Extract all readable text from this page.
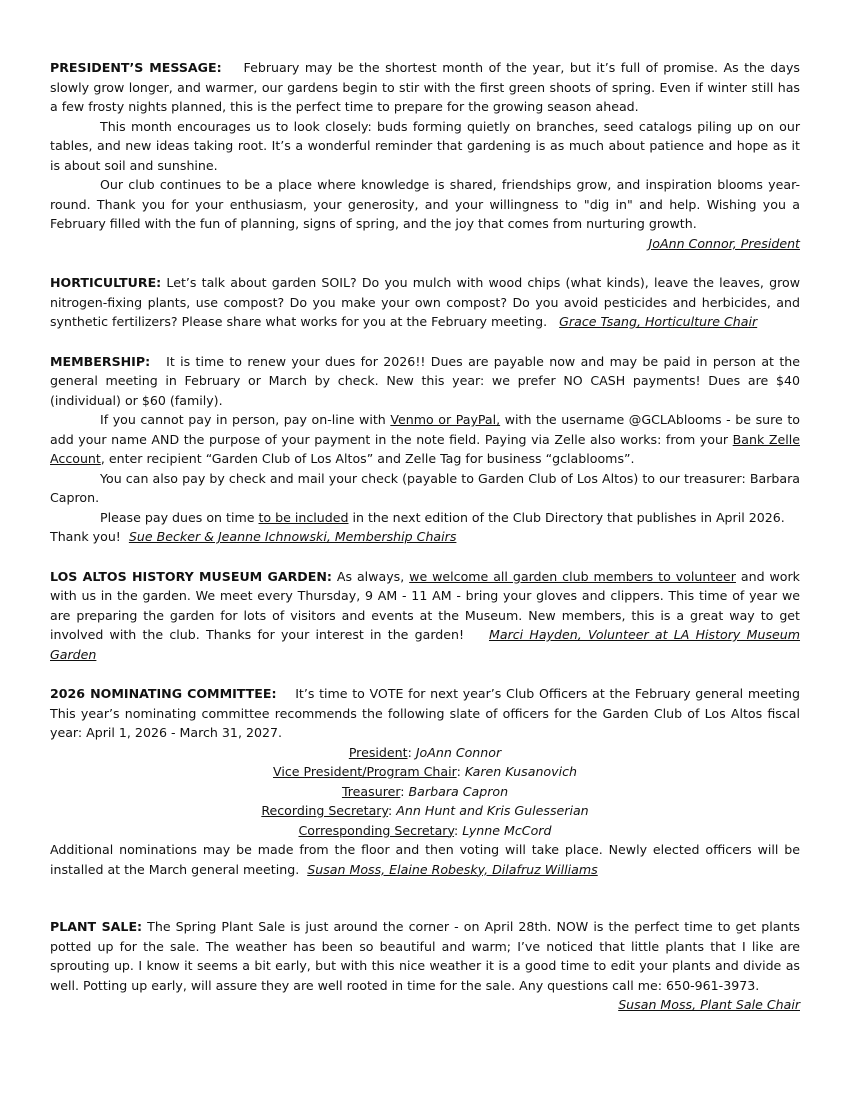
PRESIDENT’S MESSAGE: February may be the shortest month of the year, but it’s full of promise. As the days slowly grow longer, and warmer, our gardens begin to stir with the first green shoots of spring. Even if winter still has a few frosty nights planned, this is the perfect time to prepare for the growing season ahead.

This month encourages us to look closely: buds forming quietly on branches, seed catalogs piling up on our tables, and new ideas taking root. It’s a wonderful reminder that gardening is as much about patience and hope as it is about soil and sunshine.

Our club continues to be a place where knowledge is shared, friendships grow, and inspiration blooms year-round. Thank you for your enthusiasm, your generosity, and your willingness to "dig in" and help. Wishing you a February filled with the fun of planning, signs of spring, and the joy that comes from nurturing growth.

JoAnn Connor, President

HORTICULTURE: Let’s talk about garden SOIL? Do you mulch with wood chips (what kinds), leave the leaves, grow nitrogen-fixing plants, use compost? Do you make your own compost? Do you avoid pesticides and herbicides, and synthetic fertilizers? Please share what works for you at the February meeting. Grace Tsang, Horticulture Chair

MEMBERSHIP: It is time to renew your dues for 2026!! Dues are payable now and may be paid in person at the general meeting in February or March by check. New this year: we prefer NO CASH payments! Dues are $40 (individual) or $60 (family).

If you cannot pay in person, pay on-line with Venmo or PayPal, with the username @GCLAblooms - be sure to add your name AND the purpose of your payment in the note field. Paying via Zelle also works: from your Bank Zelle Account, enter recipient “Garden Club of Los Altos” and Zelle Tag for business “gclablooms”.

You can also pay by check and mail your check (payable to Garden Club of Los Altos) to our treasurer: Barbara Capron.

Please pay dues on time to be included in the next edition of the Club Directory that publishes in April 2026. Thank you! Sue Becker & Jeanne Ichnowski, Membership Chairs

LOS ALTOS HISTORY MUSEUM GARDEN: As always, we welcome all garden club members to volunteer and work with us in the garden. We meet every Thursday, 9 AM - 11 AM - bring your gloves and clippers. This time of year we are preparing the garden for lots of visitors and events at the Museum. New members, this is a great way to get involved with the club. Thanks for your interest in the garden! Marci Hayden, Volunteer at LA History Museum Garden

2026 NOMINATING COMMITTEE: It’s time to VOTE for next year’s Club Officers at the February general meeting This year’s nominating committee recommends the following slate of officers for the Garden Club of Los Altos fiscal year: April 1, 2026 - March 31, 2027.

President: JoAnn Connor

Vice President/Program Chair: Karen Kusanovich

Treasurer: Barbara Capron

Recording Secretary: Ann Hunt and Kris Gulesserian

Corresponding Secretary: Lynne McCord

Additional nominations may be made from the floor and then voting will take place. Newly elected officers will be installed at the March general meeting. Susan Moss, Elaine Robesky, Dilafruz Williams

PLANT SALE: The Spring Plant Sale is just around the corner - on April 28th. NOW is the perfect time to get plants potted up for the sale. The weather has been so beautiful and warm; I’ve noticed that little plants that I like are sprouting up. I know it seems a bit early, but with this nice weather it is a good time to edit your plants and divide as well. Potting up early, will assure they are well rooted in time for the sale. Any questions call me: 650-961-3973.

Susan Moss, Plant Sale Chair
